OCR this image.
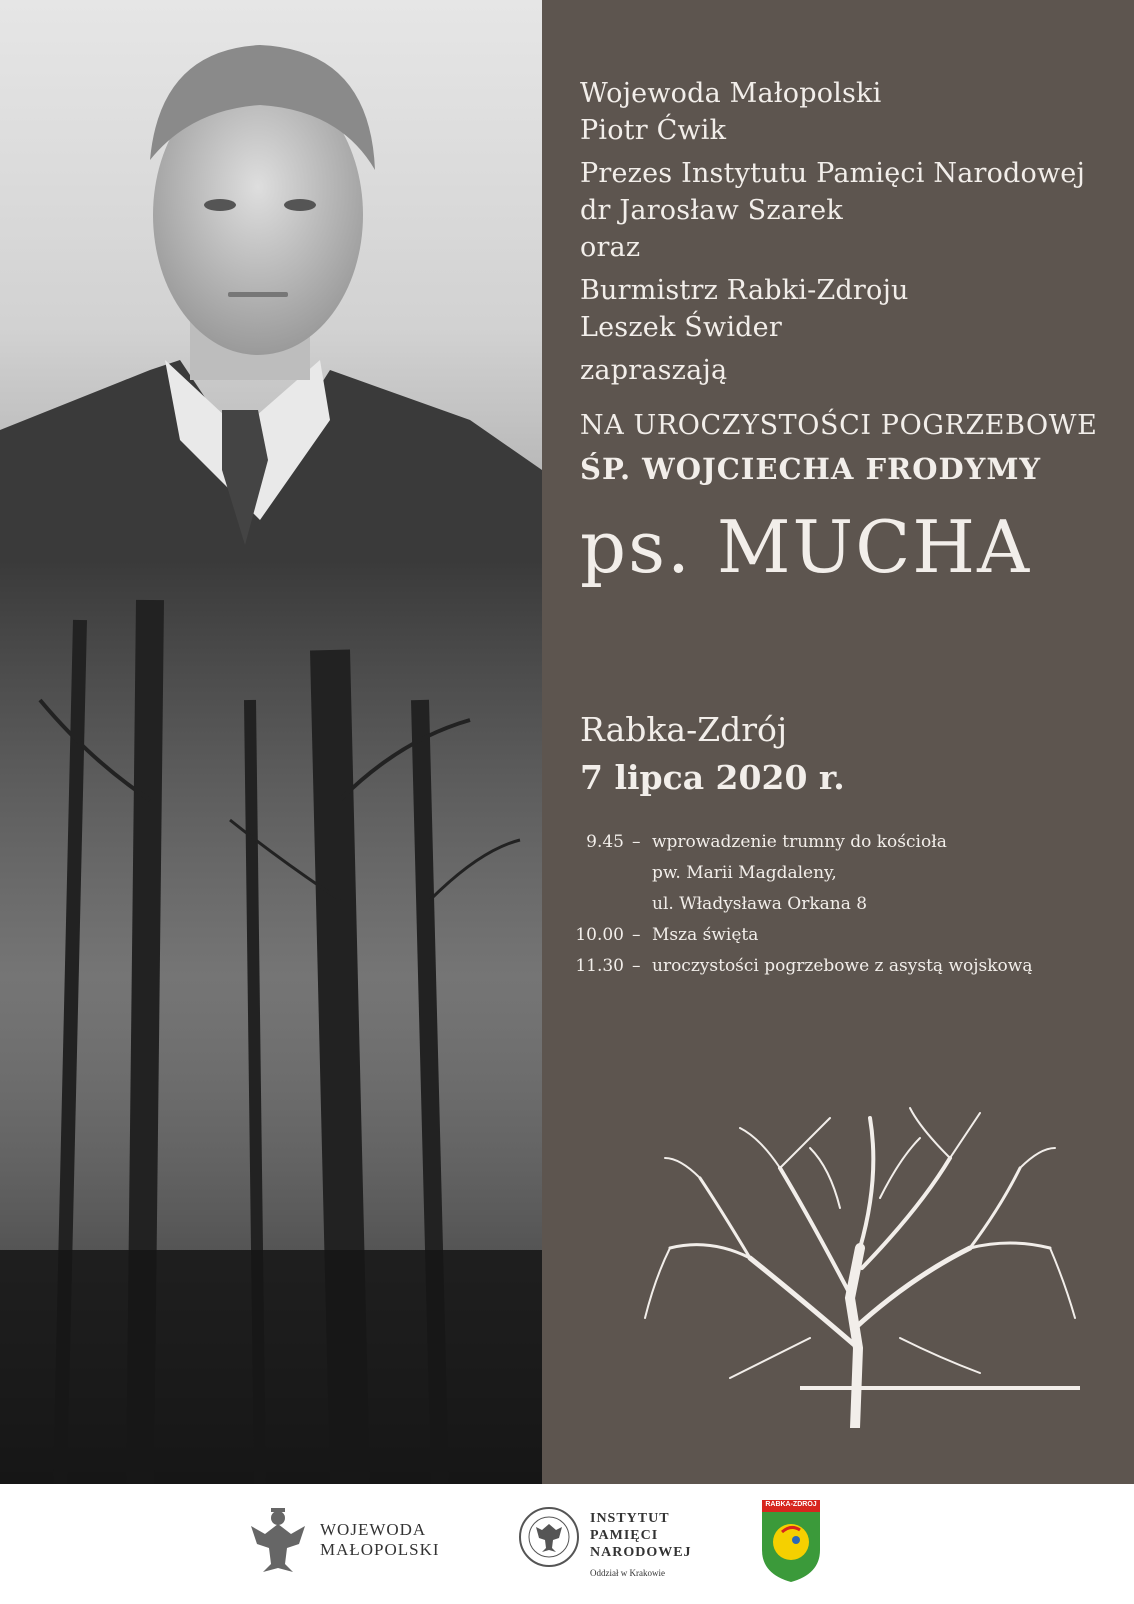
Wojewoda Małopolski
Piotr Ćwik
Prezes Instytutu Pamięci Narodowej
dr Jarosław Szarek
oraz
Burmistrz Rabki-Zdroju
Leszek Świder
zapraszają
NA UROCZYSTOŚCI POGRZEBOWE
ŚP. WOJCIECHA FRODYMY
ps. MUCHA
Rabka-Zdrój
7 lipca 2020 r.
9.45 – wprowadzenie trumny do kościoła
pw. Marii Magdaleny,
ul. Władysława Orkana 8
10.00 – Msza święta
11.30 – uroczystości pogrzebowe z asystą wojskową
WOJEWODA
MAŁOPOLSKI
INSTYTUT
PAMIĘCI
NARODOWEJ
Oddział w Krakowie
RABKA-ZDRÓJ
